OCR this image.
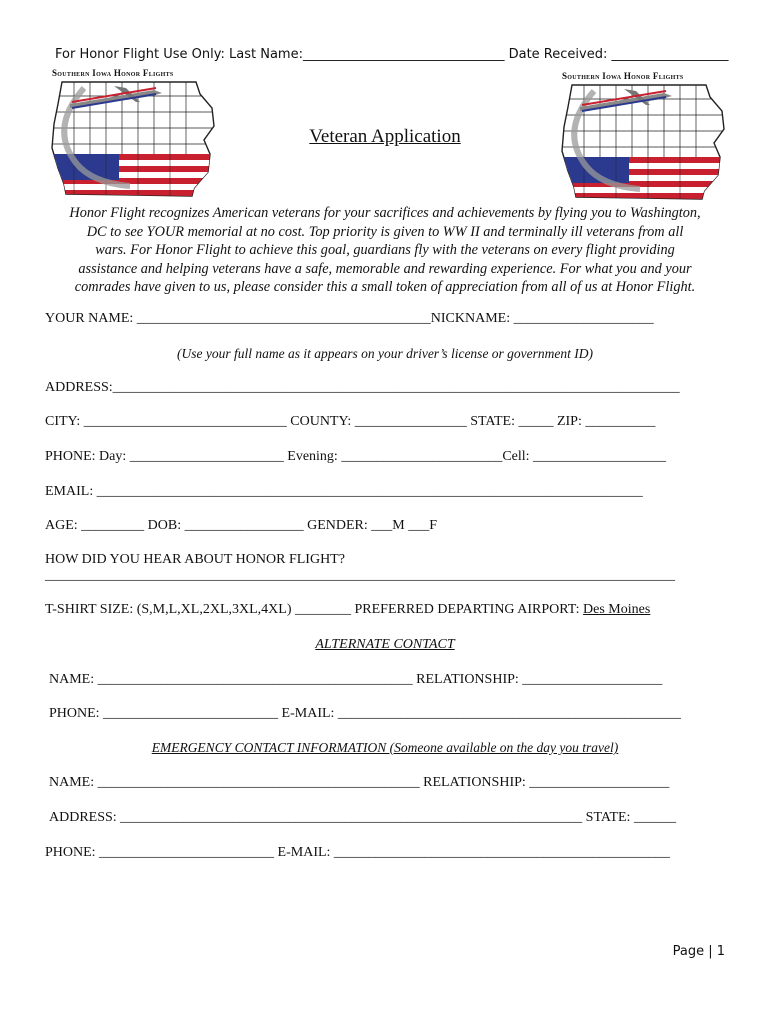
For Honor Flight Use Only: Last Name:_______________________________ Date Received: __________________
Southern Iowa Honor Flights	Southern Iowa Honor Flights
Veteran Application
Honor Flight recognizes American veterans for your sacrifices and achievements by flying you to Washington,
DC to see YOUR memorial at no cost. Top priority is given to WW II and terminally ill veterans from all
wars. For Honor Flight to achieve this goal, guardians fly with the veterans on every flight providing
assistance and helping veterans have a safe, memorable and rewarding experience. For what you and your
comrades have given to us, please consider this a small token of appreciation from all of us at Honor Flight.
YOUR NAME: __________________________________________NICKNAME: ____________________
(Use your full name as it appears on your driver’s license or government ID)
ADDRESS:_________________________________________________________________________________
CITY: _____________________________ COUNTY: ________________ STATE: _____ ZIP: __________
PHONE: Day: ______________________ Evening: _______________________Cell: ___________________
EMAIL: ______________________________________________________________________________
AGE: _________ DOB: _________________ GENDER: ___M ___F
HOW DID YOU HEAR ABOUT HONOR FLIGHT?
__________________________________________________________________________________________
T-SHIRT SIZE: (S,M,L,XL,2XL,3XL,4XL) ________ PREFERRED DEPARTING AIRPORT: Des Moines
ALTERNATE CONTACT
NAME: _____________________________________________ RELATIONSHIP: ____________________
PHONE: _________________________ E-MAIL: _________________________________________________
EMERGENCY CONTACT INFORMATION (Someone available on the day you travel)
NAME: ______________________________________________ RELATIONSHIP: ____________________
ADDRESS: __________________________________________________________________ STATE: ______
PHONE: _________________________ E-MAIL: ________________________________________________
Page | 1
